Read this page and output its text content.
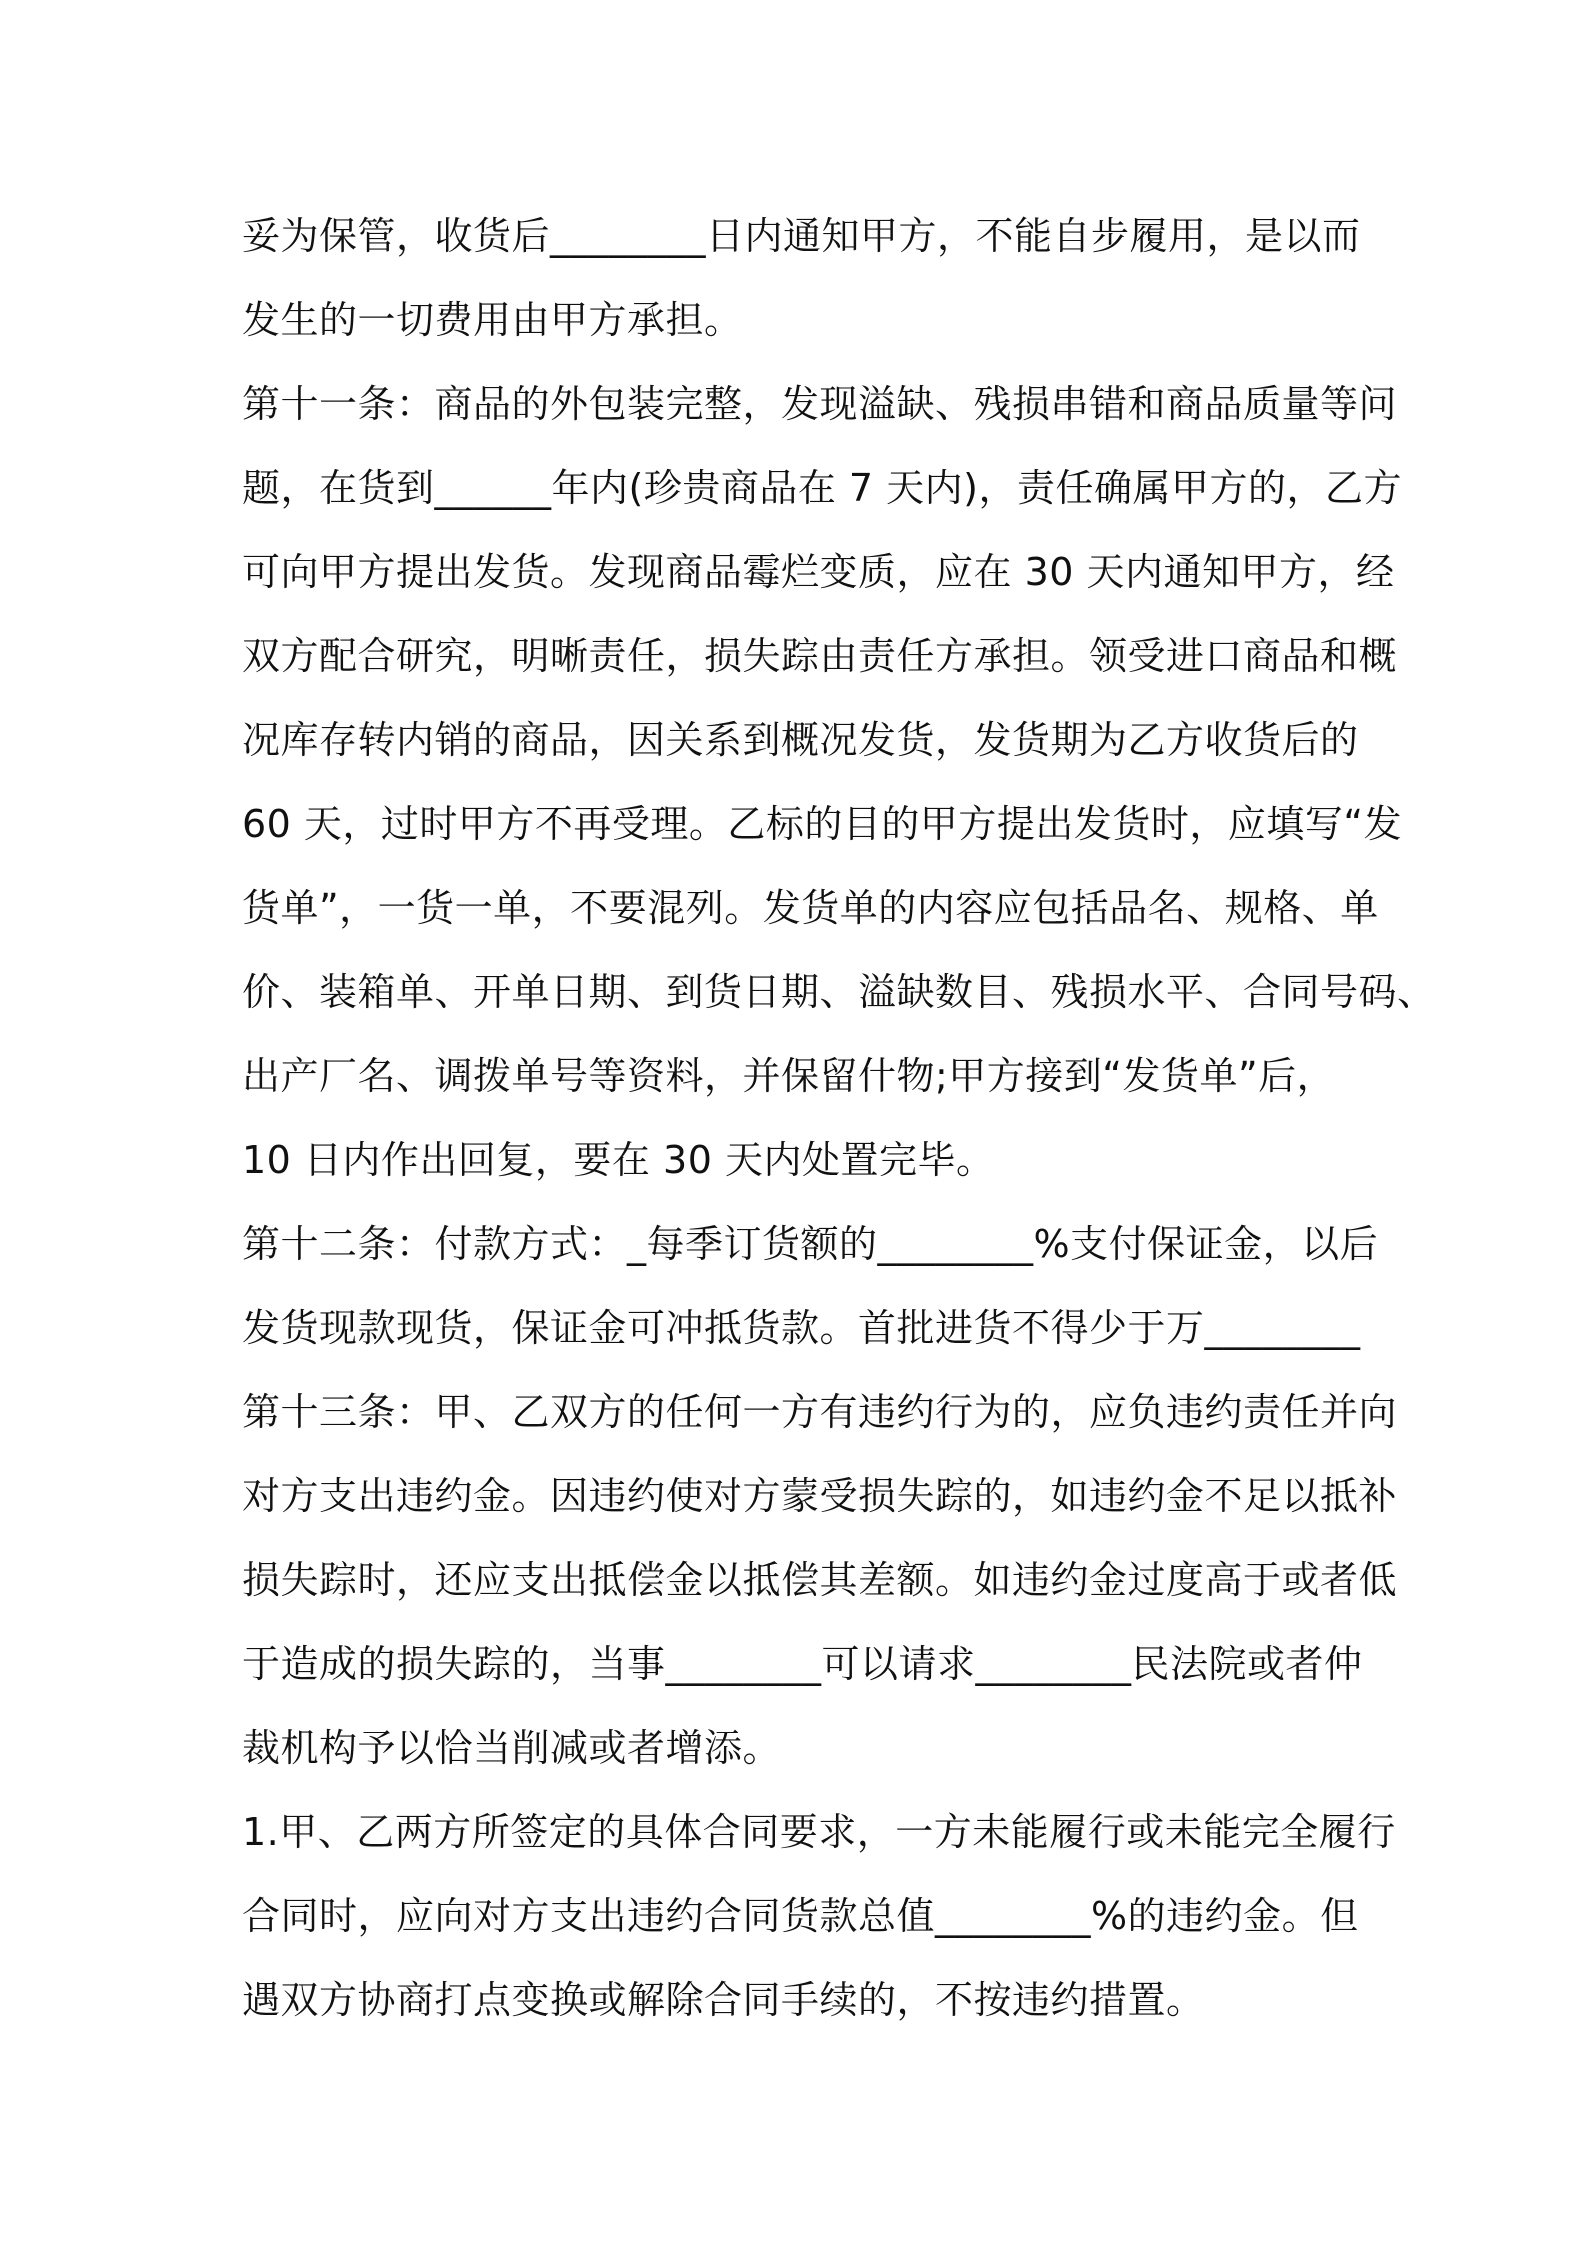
妥为保管，收货后________日内通知甲方，不能自步履用，是以而
发生的一切费用由甲方承担。
第十一条：商品的外包装完整，发现溢缺、残损串错和商品质量等问
题，在货到______年内(珍贵商品在 7 天内)，责任确属甲方的，乙方
可向甲方提出发货。发现商品霉烂变质，应在 30 天内通知甲方，经
双方配合研究，明晰责任，损失踪由责任方承担。领受进口商品和概
况库存转内销的商品，因关系到概况发货，发货期为乙方收货后的
60 天，过时甲方不再受理。乙标的目的甲方提出发货时，应填写“发
货单”，一货一单，不要混列。发货单的内容应包括品名、规格、单
价、装箱单、开单日期、到货日期、溢缺数目、残损水平、合同号码、
出产厂名、调拨单号等资料，并保留什物;甲方接到“发货单”后，
10 日内作出回复，要在 30 天内处置完毕。
第十二条：付款方式：_每季订货额的________%支付保证金，以后
发货现款现货，保证金可冲抵货款。首批进货不得少于万________
第十三条：甲、乙双方的任何一方有违约行为的，应负违约责任并向
对方支出违约金。因违约使对方蒙受损失踪的，如违约金不足以抵补
损失踪时，还应支出抵偿金以抵偿其差额。如违约金过度高于或者低
于造成的损失踪的，当事________可以请求________民法院或者仲
裁机构予以恰当削减或者增添。
1.甲、乙两方所签定的具体合同要求，一方未能履行或未能完全履行
合同时，应向对方支出违约合同货款总值________%的违约金。但
遇双方协商打点变换或解除合同手续的，不按违约措置。
